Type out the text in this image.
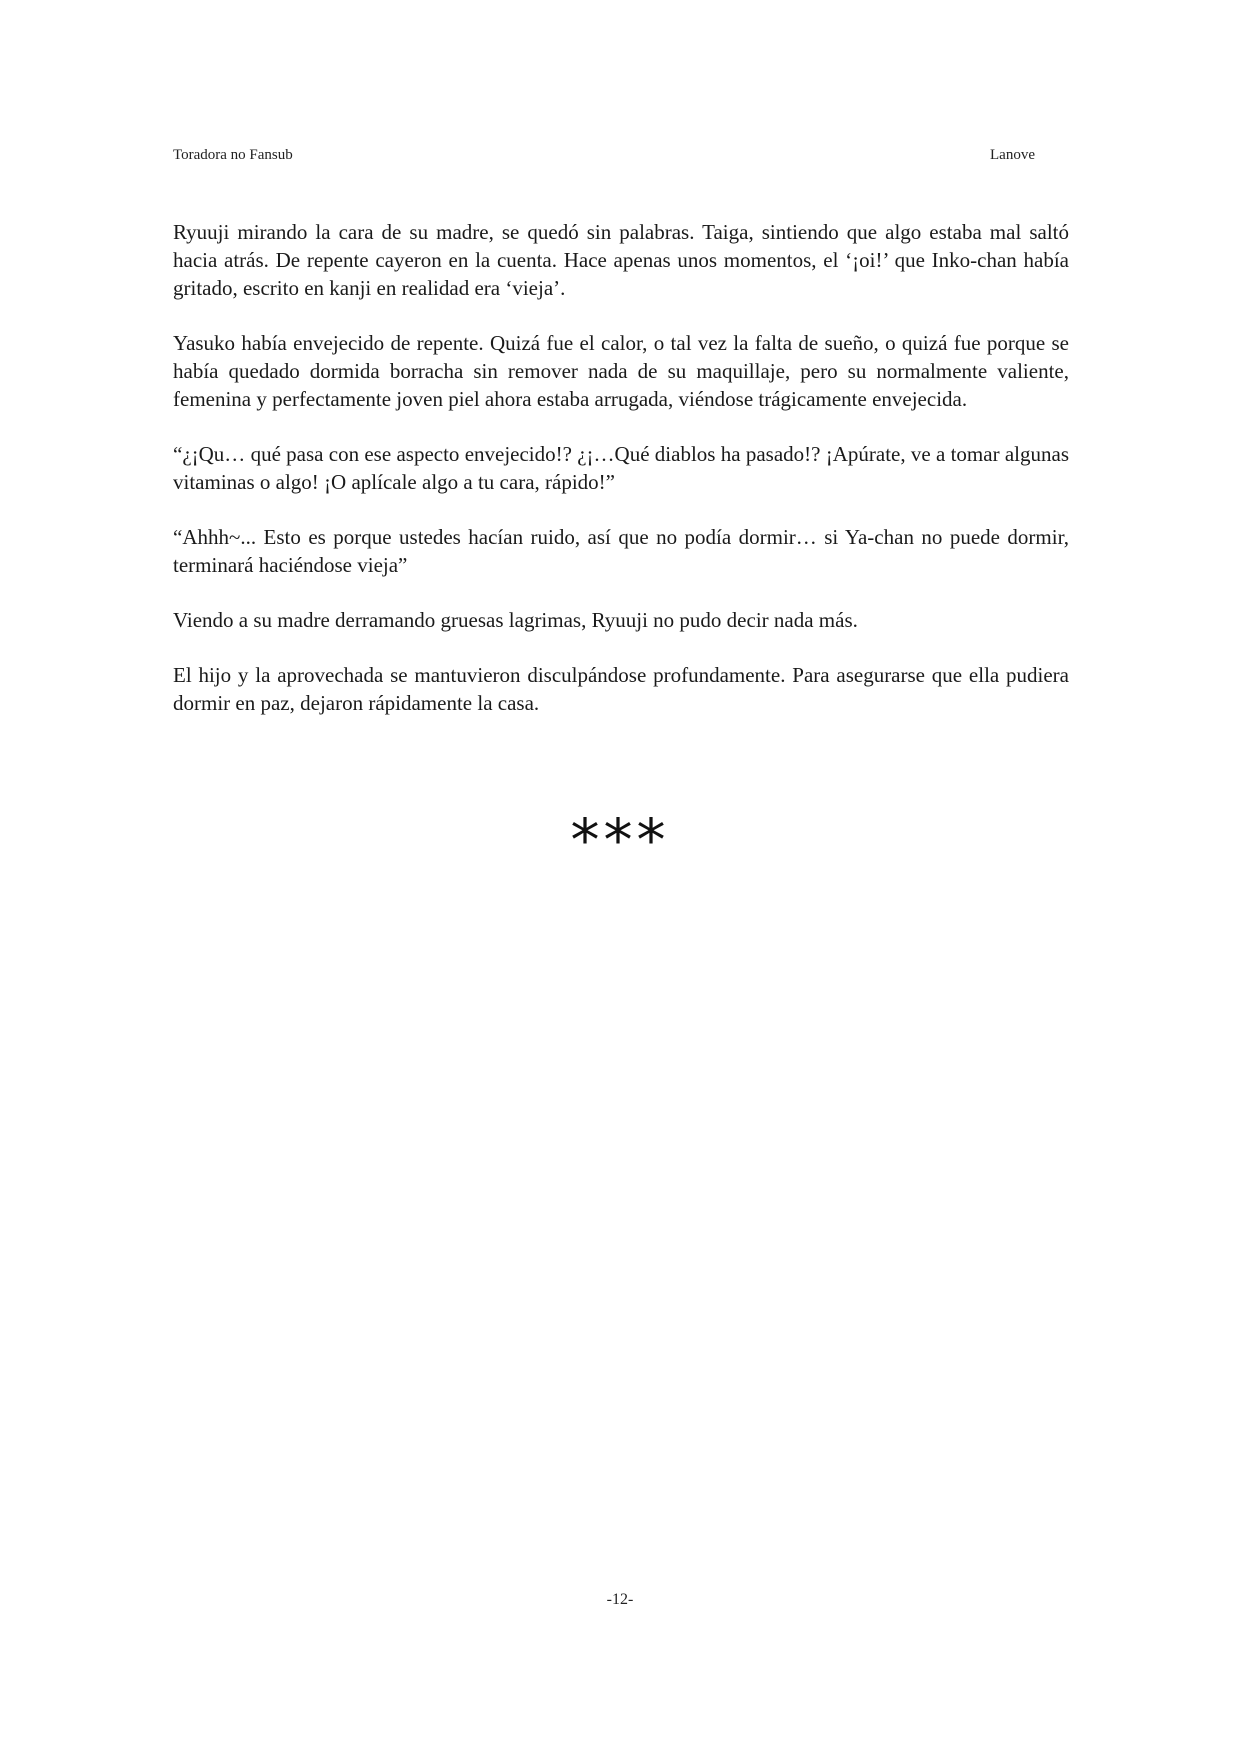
Toradora no Fansub	Lanove

Ryuuji mirando la cara de su madre, se quedó sin palabras. Taiga, sintiendo que algo estaba mal saltó hacia atrás. De repente cayeron en la cuenta. Hace apenas unos momentos, el ‘¡oi!’ que Inko-chan había gritado, escrito en kanji en realidad era ‘vieja’.

Yasuko había envejecido de repente. Quizá fue el calor, o tal vez la falta de sueño, o quizá fue porque se había quedado dormida borracha sin remover nada de su maquillaje, pero su normalmente valiente, femenina y perfectamente joven piel ahora estaba arrugada, viéndose trágicamente envejecida.

“¿¡Qu… qué pasa con ese aspecto envejecido!? ¿¡…Qué diablos ha pasado!? ¡Apúrate, ve a tomar algunas vitaminas o algo! ¡O aplícale algo a tu cara, rápido!”

“Ahhh~... Esto es porque ustedes hacían ruido, así que no podía dormir… si Ya-chan no puede dormir, terminará haciéndose vieja”

Viendo a su madre derramando gruesas lagrimas, Ryuuji no pudo decir nada más.

El hijo y la aprovechada se mantuvieron disculpándose profundamente. Para asegurarse que ella pudiera dormir en paz, dejaron rápidamente la casa.

***
-12-
